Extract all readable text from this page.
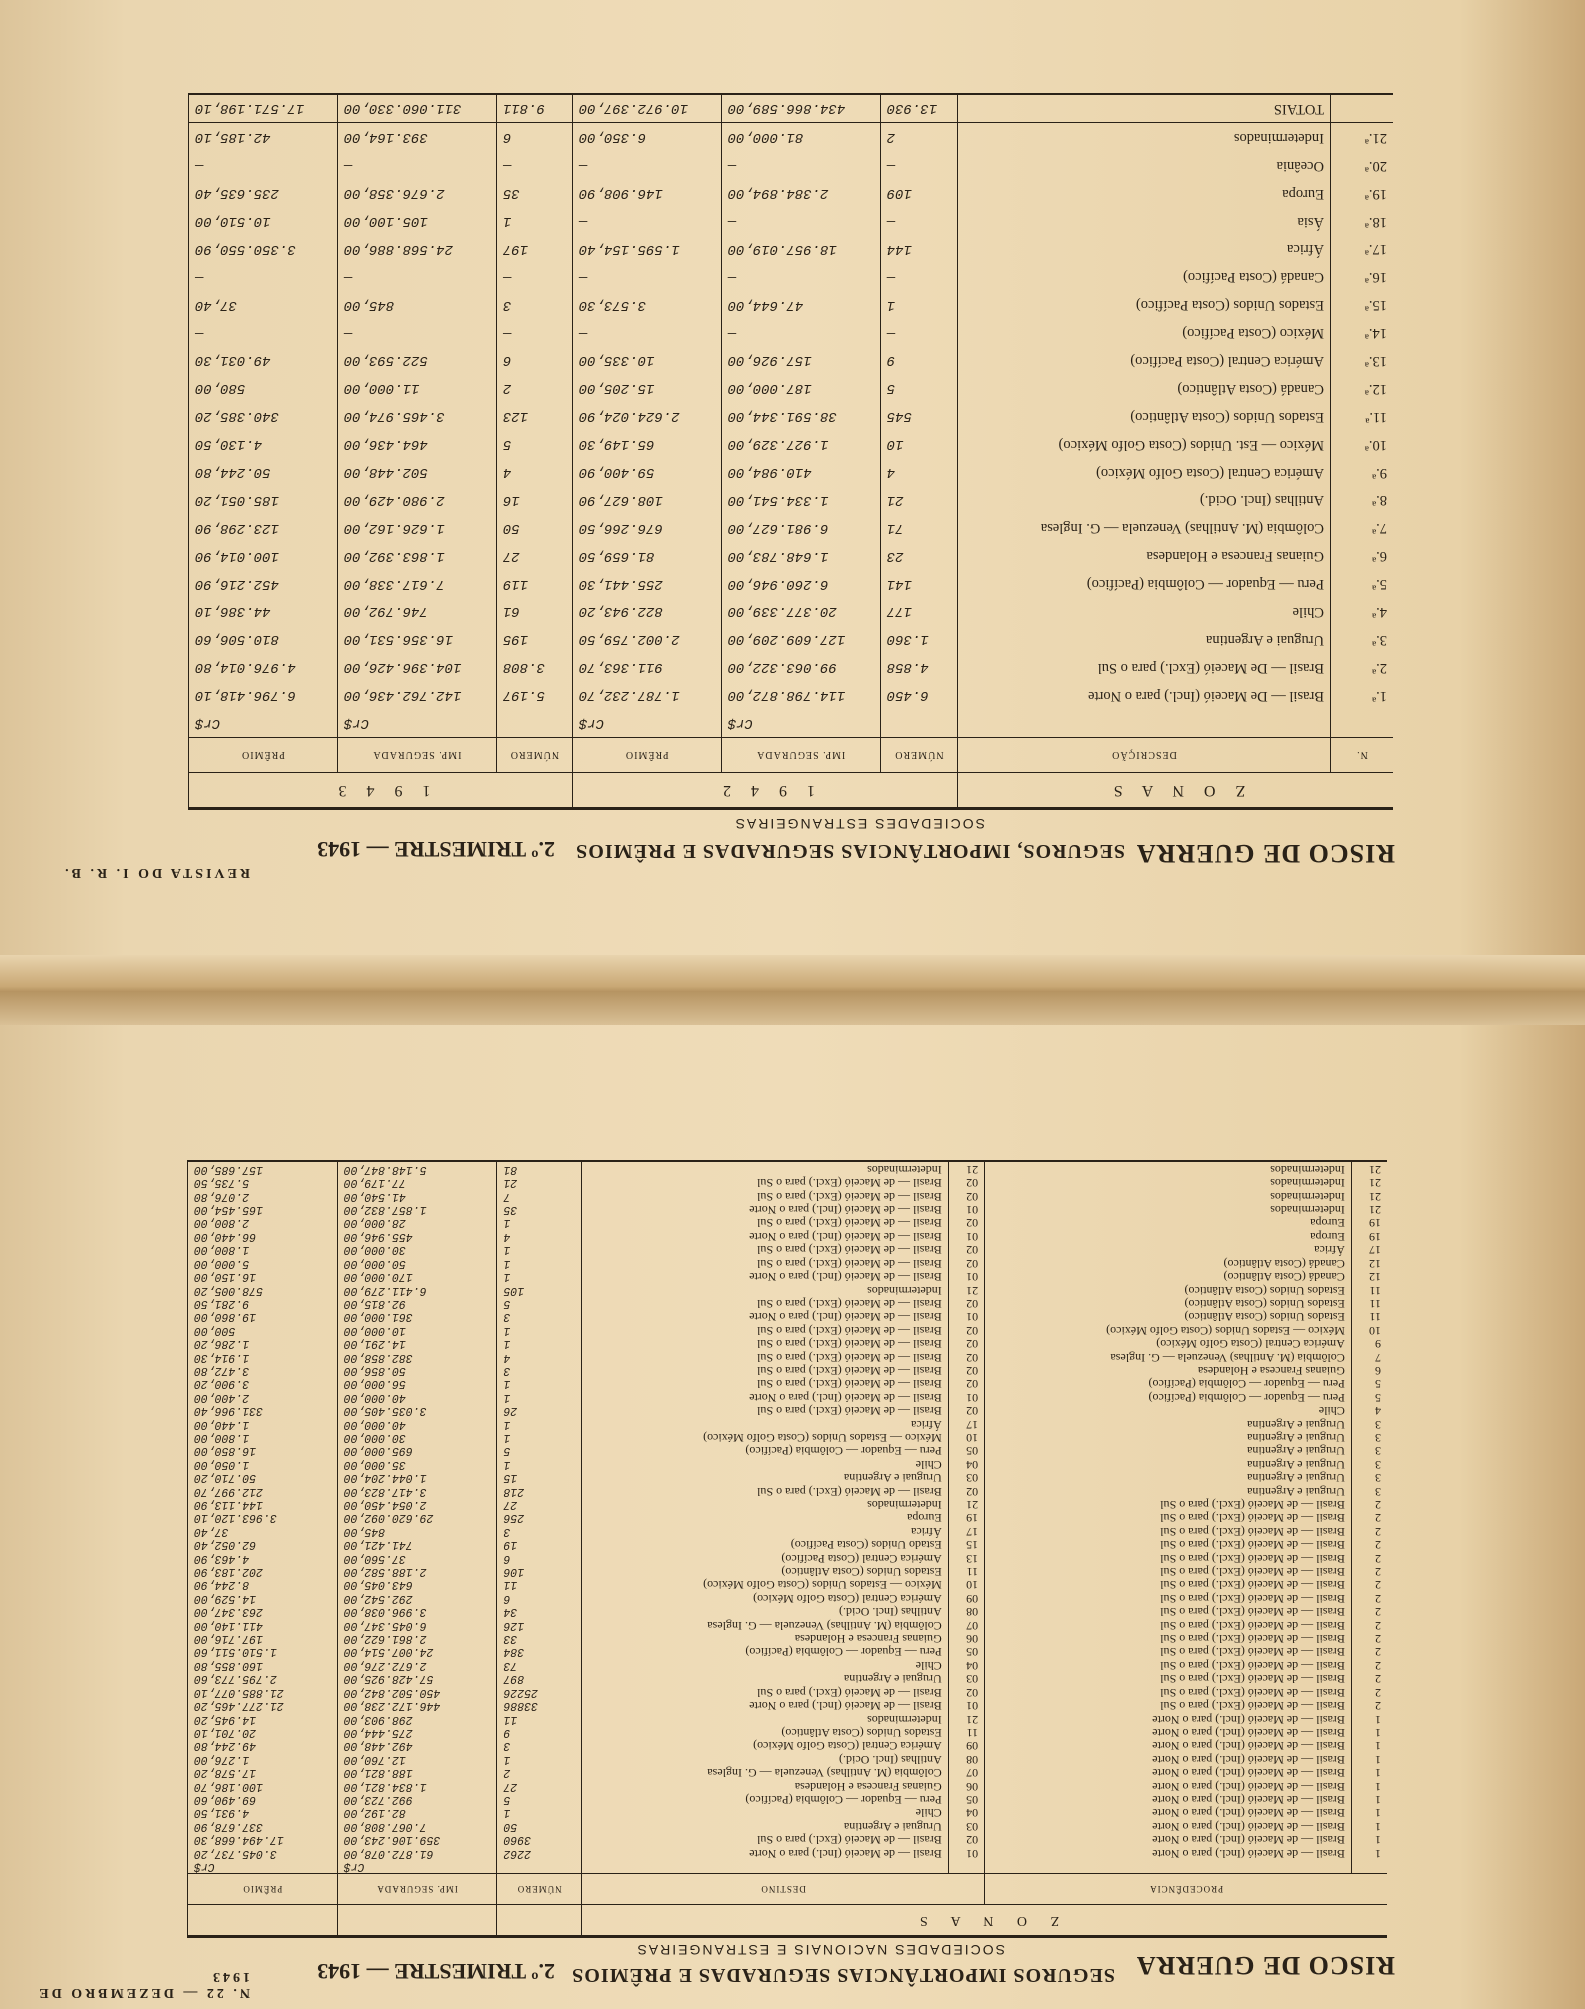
REVISTA DO I. R. B.
RISCO DE GUERRA
SEGUROS, IMPORTÂNCIAS SEGURADAS E PRÊMIOS
2.º TRIMESTRE — 1943
SOCIEDADES ESTRANGEIRAS
Z O N A S		1 9 4 2			1 9 4 3		
N.	DESCRIÇÃO	NÚMERO	IMP. SEGURADA	PRÊMIO	NÚMERO	IMP. SEGURADA	PRÊMIO
			Cr$	Cr$		Cr$	Cr$
1.ª	Brasil — De Maceió (Incl.) para o Norte	6.450	114.798.872,00	1.787.232,70	5.197	142.762.436,00	6.796.418,10
2.ª	Brasil — De Maceió (Excl.) para o Sul	4.858	99.063.322,00	911.363,70	3.808	104.396.426,00	4.976.014,80
3.ª	Uruguai e Argentina	1.360	127.609.209,00	2.002.759,50	195	16.356.531,00	810.506,60
4.ª	Chile	177	20.377.339,00	822.943,20	61	746.792,00	44.386,10
5.ª	Peru — Equador — Colômbia (Pacífico)	141	6.260.946,00	255.441,30	119	7.617.338,00	452.216,90
6.ª	Guianas Francesa e Holandesa	23	1.648.783,00	81.659,50	27	1.863.392,00	100.014,90
7.ª	Colômbia (M. Antilhas) Venezuela — G. Inglesa	71	6.981.627,00	676.266,50	50	1.626.162,00	123.298,90
8.ª	Antilhas (Incl. Ocid.)	21	1.334.541,00	108.627,90	16	2.980.429,00	185.051,20
9.ª	América Central (Costa Golfo México)	4	410.984,00	59.400,90	4	502.448,00	50.244,80
10.ª	México — Est. Unidos (Costa Golfo México)	10	1.927.329,00	65.149,30	5	464.436,00	4.130,50
11.ª	Estados Unidos (Costa Atlântico)	545	38.591.344,00	2.624.024,90	123	3.465.974,00	340.385,20
12.ª	Canadá (Costa Atlântico)	5	187.000,00	15.205,00	2	11.000,00	580,00
13.ª	América Central (Costa Pacífico)	9	157.926,00	10.335,00	6	522.593,00	49.031,30
14.ª	México (Costa Pacífico)	—	—	—	—	—	—
15.ª	Estados Unidos (Costa Pacífico)	1	47.644,00	3.573,30	3	845,00	37,40
16.ª	Canadá (Costa Pacífico)	—	—	—	—	—	—
17.ª	África	144	18.957.019,00	1.595.154,40	197	24.568.886,00	3.350.550,90
18.ª	Ásia	—	—	—	1	105.100,00	10.510,00
19.ª	Europa	109	2.384.894,00	146.908,90	35	2.676.358,00	235.635,40
20.ª	Oceânia	—	—	—	—	—	—
21.ª	Indeterminados	2	81.000,00	6.350,00	6	393.164,00	42.185,10
	TOTAIS	13.930	434.866.589,00	10.972.397,00	9.811	311.060.330,00	17.571.198,10
N. 22 — DEZEMBRO DE 1943	RISCO DE GUERRA
SEGUROS IMPORTÂNCIAS SEGURADAS E PRÊMIOS
2.º TRIMESTRE — 1943
SOCIEDADES NACIONAIS E ESTRANGEIRAS
Z O N A S						
PROCEDÊNCIA		DESTINO		NÚMERO	IMP. SEGURADA	PRÊMIO
					Cr$	Cr$
1	Brasil — de Maceió (Incl.) para o Norte	01	Brasil — de Maceió (Incl.) para o Norte	2262	61.872.078,00	3.045.737,20
1	Brasil — de Maceió (Incl.) para o Norte	02	Brasil — de Maceió (Excl.) para o Sul	3960	359.106.243,00	17.494.668,30
1	Brasil — de Maceió (Incl.) para o Norte	03	Uruguai e Argentina	50	7.067.808,00	337.678,90
1	Brasil — de Maceió (Incl.) para o Norte	04	Chile	1	82.192,00	4.931,50
1	Brasil — de Maceió (Incl.) para o Norte	05	Peru — Equador — Colômbia (Pacífico)	5	992.723,00	69.490,60
1	Brasil — de Maceió (Incl.) para o Norte	06	Guianas Francesa e Holandesa	27	1.834.821,00	100.186,70
1	Brasil — de Maceió (Incl.) para o Norte	07	Colômbia (M. Antilhas) Venezuela — G. Inglesa	2	188.821,00	17.578,20
1	Brasil — de Maceió (Incl.) para o Norte	08	Antilhas (Incl. Ocid.)	1	12.760,00	1.276,00
1	Brasil — de Maceió (Incl.) para o Norte	09	América Central (Costa Golfo México)	3	492.448,00	49.244,80
1	Brasil — de Maceió (Incl.) para o Norte	11	Estados Unidos (Costa Atlântico)	9	275.444,00	20.701,10
1	Brasil — de Maceió (Incl.) para o Norte	21	Indeterminados	11	298.903,00	14.945,20
2	Brasil — de Maceió (Excl.) para o Sul	01	Brasil — de Maceió (Incl.) para o Norte	33886	446.172.238,00	21.277.465,20
2	Brasil — de Maceió (Excl.) para o Sul	02	Brasil — de Maceió (Excl.) para o Sul	25226	450.502.842,00	21.885.077,10
2	Brasil — de Maceió (Excl.) para o Sul	03	Uruguai e Argentina	897	57.428.925,00	2.795.773,60
2	Brasil — de Maceió (Excl.) para o Sul	04	Chile	73	2.672.276,00	160.855,80
2	Brasil — de Maceió (Excl.) para o Sul	05	Peru — Equador — Colômbia (Pacífico)	384	24.007.514,00	1.510.511,60
2	Brasil — de Maceió (Excl.) para o Sul	06	Guianas Francesa e Holandesa	33	2.861.622,00	197.716,00
2	Brasil — de Maceió (Excl.) para o Sul	07	Colômbia (M. Antilhas) Venezuela — G. Inglesa	126	6.045.347,00	411.140,00
2	Brasil — de Maceió (Excl.) para o Sul	08	Antilhas (Incl. Ocid.)	34	3.996.038,00	263.347,00
2	Brasil — de Maceió (Excl.) para o Sul	09	América Central (Costa Golfo México)	6	292.542,00	14.529,00
2	Brasil — de Maceió (Excl.) para o Sul	10	México — Estados Unidos (Costa Golfo México)	11	643.045,00	8.244,90
2	Brasil — de Maceió (Excl.) para o Sul	11	Estados Unidos (Costa Atlântico)	106	2.188.582,00	202.183,90
2	Brasil — de Maceió (Excl.) para o Sul	13	América Central (Costa Pacífico)	6	37.560,00	4.463,90
2	Brasil — de Maceió (Excl.) para o Sul	15	Estado Unidos (Costa Pacífico)	19	741.421,00	62.052,40
2	Brasil — de Maceió (Excl.) para o Sul	17	África	3	845,00	37,40
2	Brasil — de Maceió (Excl.) para o Sul	19	Europa	256	29.620.092,00	3.963.120,10
2	Brasil — de Maceió (Excl.) para o Sul	21	Indeterminados	27	2.054.450,00	144.113,90
3	Uruguai e Argentina	02	Brasil — de Maceió (Excl.) para o Sul	218	3.417.823,00	212.997,70
3	Uruguai e Argentina	03	Uruguai e Argentina	15	1.044.204,00	50.710,20
3	Uruguai e Argentina	04	Chile	1	35.000,00	1.050,00
3	Uruguai e Argentina	05	Peru — Equador — Colômbia (Pacífico)	5	695.000,00	16.850,00
3	Uruguai e Argentina	10	México — Estados Unidos (Costa Golfo México)	1	30.000,00	1.800,00
3	Uruguai e Argentina	17	África	1	40.000,00	1.440,00
4	Chile	02	Brasil — de Maceió (Excl.) para o Sul	26	3.035.405,00	331.966,40
5	Peru — Equador — Colômbia (Pacífico)	01	Brasil — de Maceió (Incl.) para o Norte	1	40.000,00	2.400,00
5	Peru — Equador — Colômbia (Pacífico)	02	Brasil — de Maceió (Excl.) para o Sul	1	56.000,00	3.900,20
6	Guianas Francesa e Holandesa	02	Brasil — de Maceió (Excl.) para o Sul	3	50.856,00	3.472,80
7	Colômbia (M. Antilhas) Venezuela — G. Inglesa	02	Brasil — de Maceió (Excl.) para o Sul	4	382.858,00	1.914,30
9	América Central (Costa Golfo México)	02	Brasil — de Maceió (Excl.) para o Sul	1	14.291,00	1.286,20
10	México — Estados Unidos (Costa Golfo México)	02	Brasil — de Maceió (Excl.) para o Sul	1	10.000,00	500,00
11	Estados Unidos (Costa Atlântico)	01	Brasil — de Maceió (Incl.) para o Norte	3	361.000,00	19.860,00
11	Estados Unidos (Costa Atlântico)	02	Brasil — de Maceió (Excl.) para o Sul	5	92.815,00	9.281,50
11	Estados Unidos (Costa Atlântico)	21	Indeterminados	105	6.411.279,00	578.005,20
12	Canadá (Costa Atlântico)	01	Brasil — de Maceió (Incl.) para o Norte	1	170.000,00	16.150,00
12	Canadá (Costa Atlântico)	02	Brasil — de Maceió (Excl.) para o Sul	1	50.000,00	5.000,00
17	África	02	Brasil — de Maceió (Excl.) para o Sul	1	30.000,00	1.800,00
19	Europa	01	Brasil — de Maceió (Incl.) para o Norte	4	455.946,00	66.440,00
19	Europa	02	Brasil — de Maceió (Excl.) para o Sul	1	28.000,00	2.800,00
21	Indeterminados	01	Brasil — de Maceió (Incl.) para o Norte	35	1.857.832,00	165.454,00
21	Indeterminados	02	Brasil — de Maceió (Excl.) para o Sul	7	41.540,00	2.076,80
21	Indeterminados	02	Brasil — de Maceió (Excl.) para o Sul	21	77.179,00	5.735,50
21	Indeterminados	21	Indeterminados	81	5.148.847,00	157.685,00
